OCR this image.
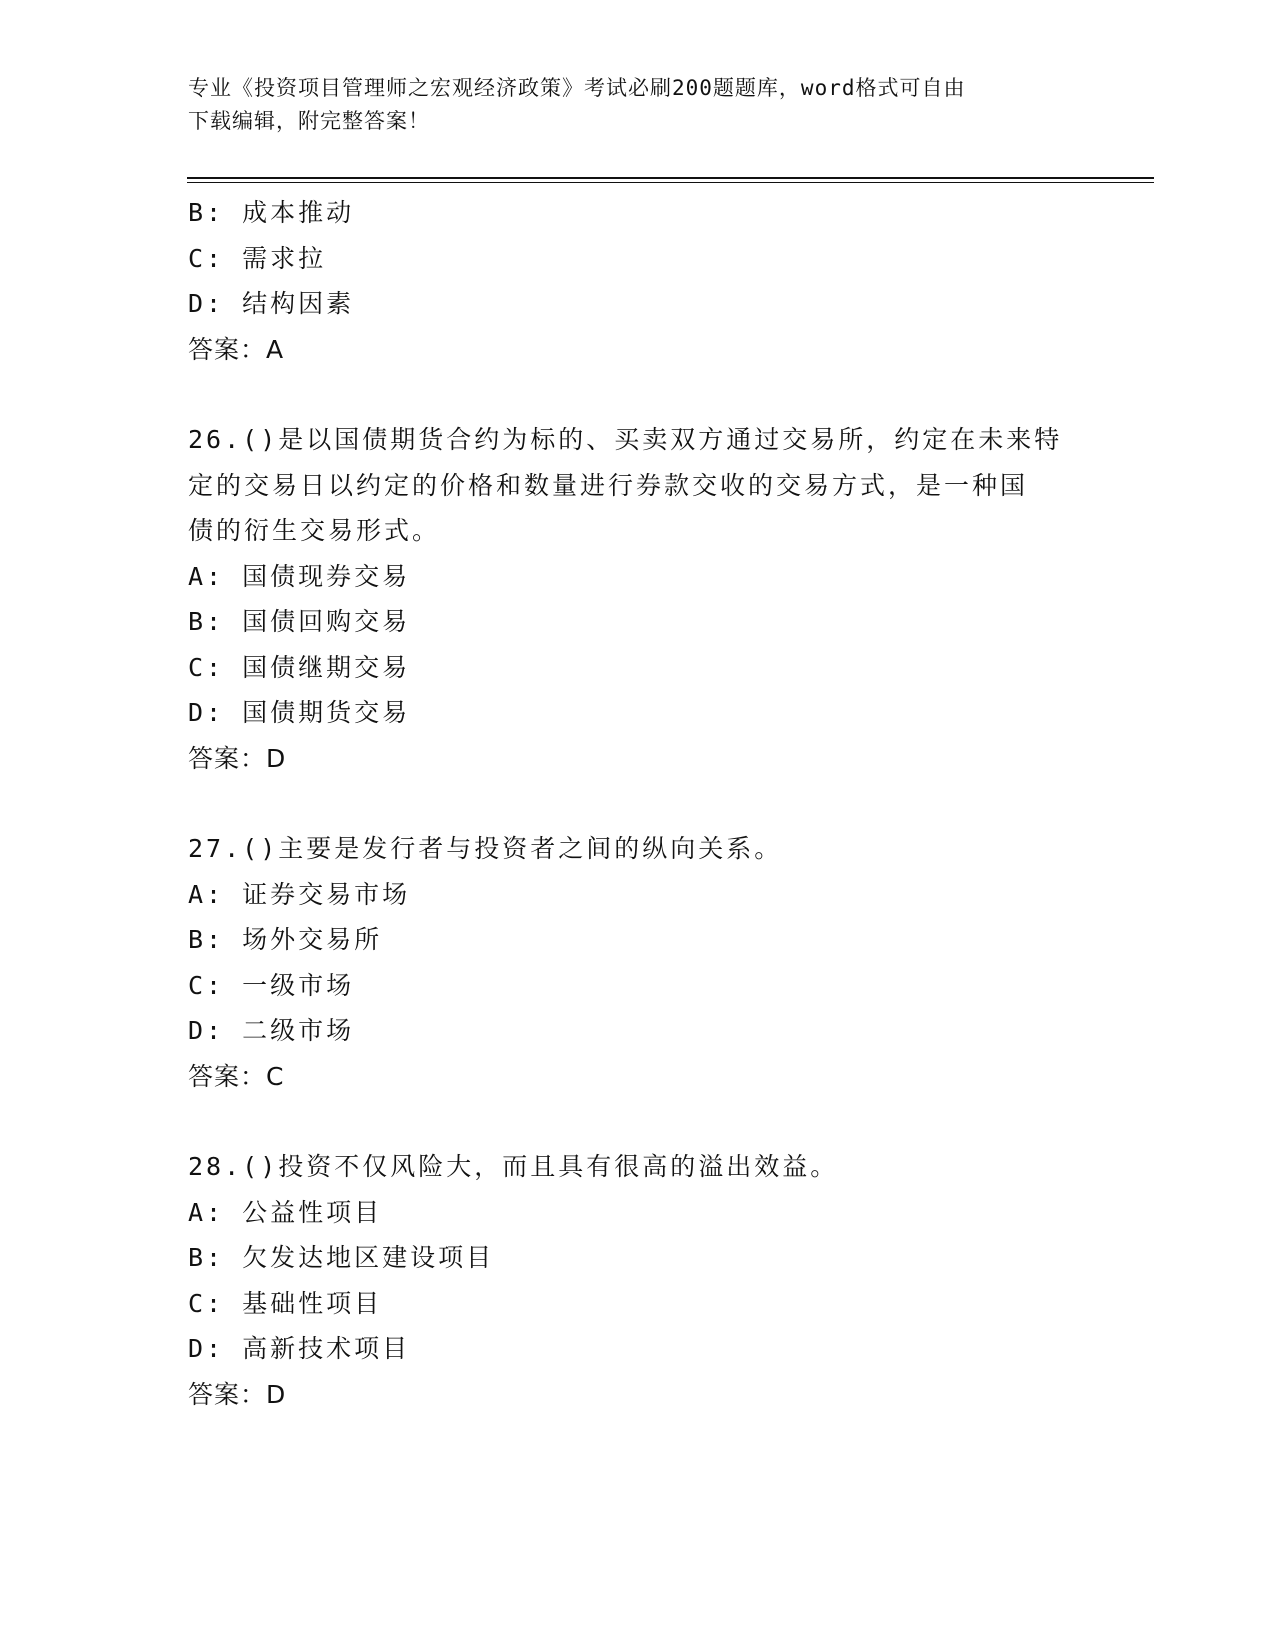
专业《投资项目管理师之宏观经济政策》考试必刷200题题库，word格式可自由
下载编辑，附完整答案！
B: 成本推动
C: 需求拉
D: 结构因素
答案：A
26.()是以国债期货合约为标的、买卖双方通过交易所，约定在未来特
定的交易日以约定的价格和数量进行券款交收的交易方式，是一种国
债的衍生交易形式。
A: 国债现券交易
B: 国债回购交易
C: 国债继期交易
D: 国债期货交易
答案：D
27.()主要是发行者与投资者之间的纵向关系。
A: 证券交易市场
B: 场外交易所
C: 一级市场
D: 二级市场
答案：C
28.()投资不仅风险大，而且具有很高的溢出效益。
A: 公益性项目
B: 欠发达地区建设项目
C: 基础性项目
D: 高新技术项目
答案：D
